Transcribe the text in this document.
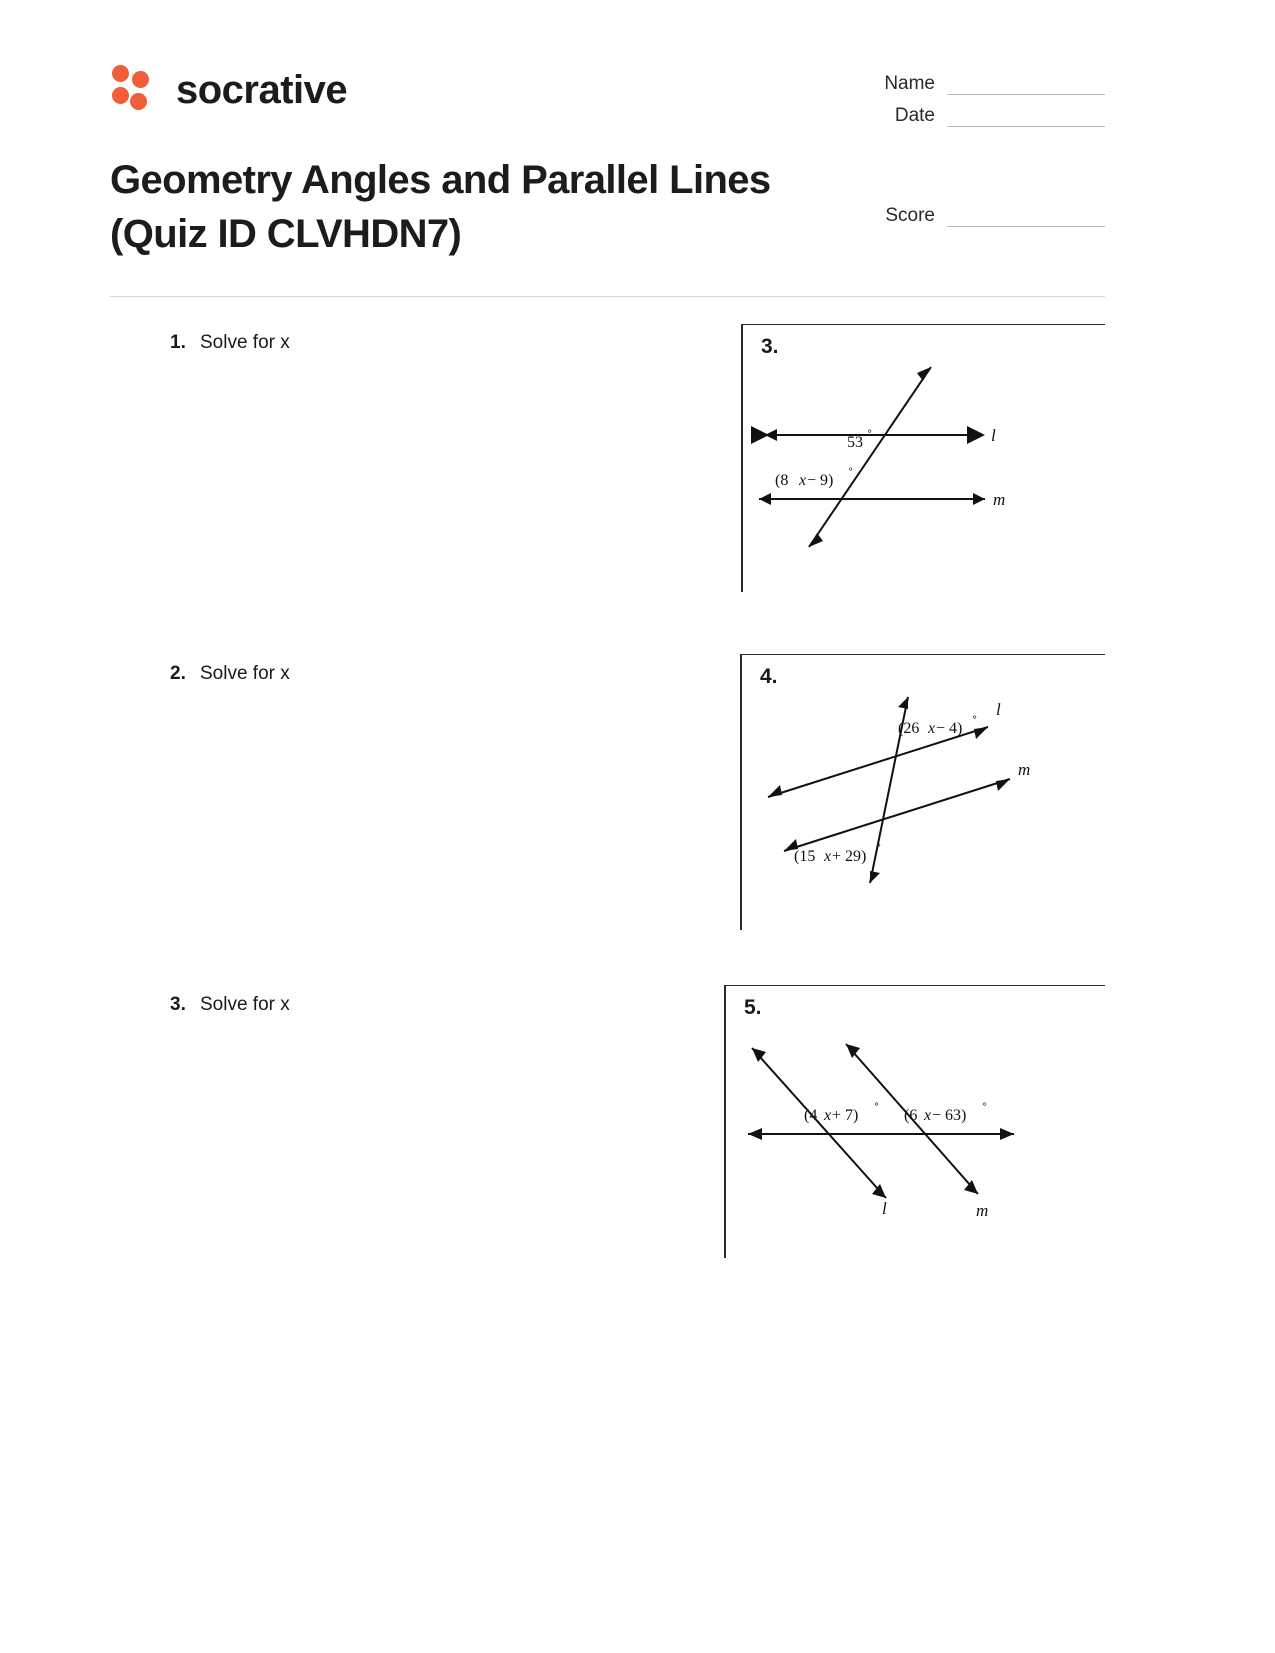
socrative
Geometry Angles and Parallel Lines (Quiz ID CLVHDN7)
Name
Date
Score
1. Solve for x
2. Solve for x
3. Solve for x
3.
l
m
53 ˚
(8 x − 9) ˚
4.
l
m
(26 x − 4) ˚
(15 x + 29) ˚
5.
l	m
(4 x + 7) ˚ (6 x − 63) ˚
